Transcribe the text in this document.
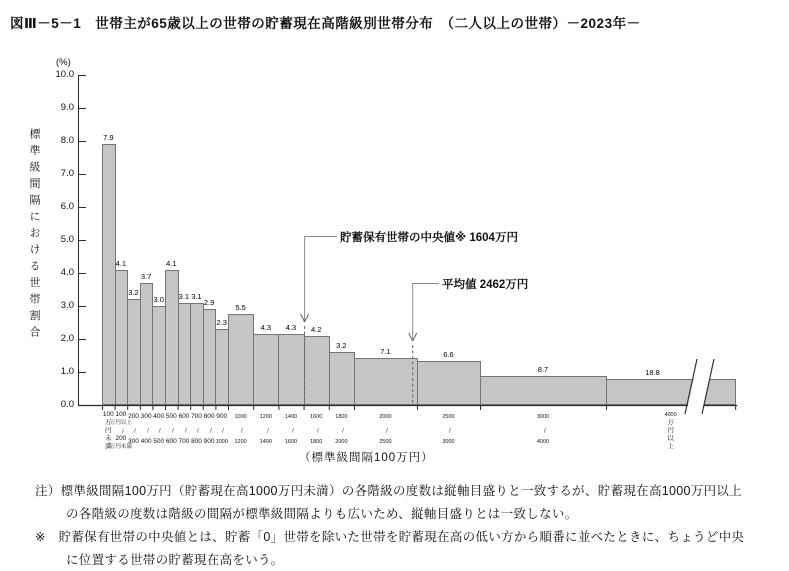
図Ⅲ－5－1　世帯主が65歳以上の世帯の貯蓄現在高階級別世帯分布　（二人以上の世帯）－2023年－
(%)
標準級間隔における世帯割合
0.0
1.0
2.0
3.0
4.0
5.0
6.0
7.0
8.0
9.0
10.0
7.9
100
万
円
未
満
4.1
100
万円以上
〜
200
万円未満
3.2
200
〜
300
3.7
300
〜
400
3.0
400
〜
500
4.1
500
〜
600
3.1
600
〜
700
3.1
700
〜
800
2.9
800
〜
900
2.3
900
〜
1000
5.5
1000
〜
1200
4.3
1200
〜
1400
4.3
1400
〜
1600
4.2
1600
〜
1800
3.2
1800
〜
2000
7.1
2000
〜
2500
6.6
2500
〜
3000
8.7
3000
〜
4000
18.8
4000
万
円
以
上
貯蓄保有世帯の中央値※ 1604万円
平均値 2462万円
（標準級間隔100万円）

注）標準級間隔100万円（貯蓄現在高1000万円未満）の各階級の度数は縦軸目盛りと一致するが、貯蓄現在高1000万円以上の各階級の度数は階級の間隔が標準級間隔よりも広いため、縦軸目盛りとは一致しない。

※　貯蓄保有世帯の中央値とは、貯蓄「0」世帯を除いた世帯を貯蓄現在高の低い方から順番に並べたときに、ちょうど中央に位置する世帯の貯蓄現在高をいう。
